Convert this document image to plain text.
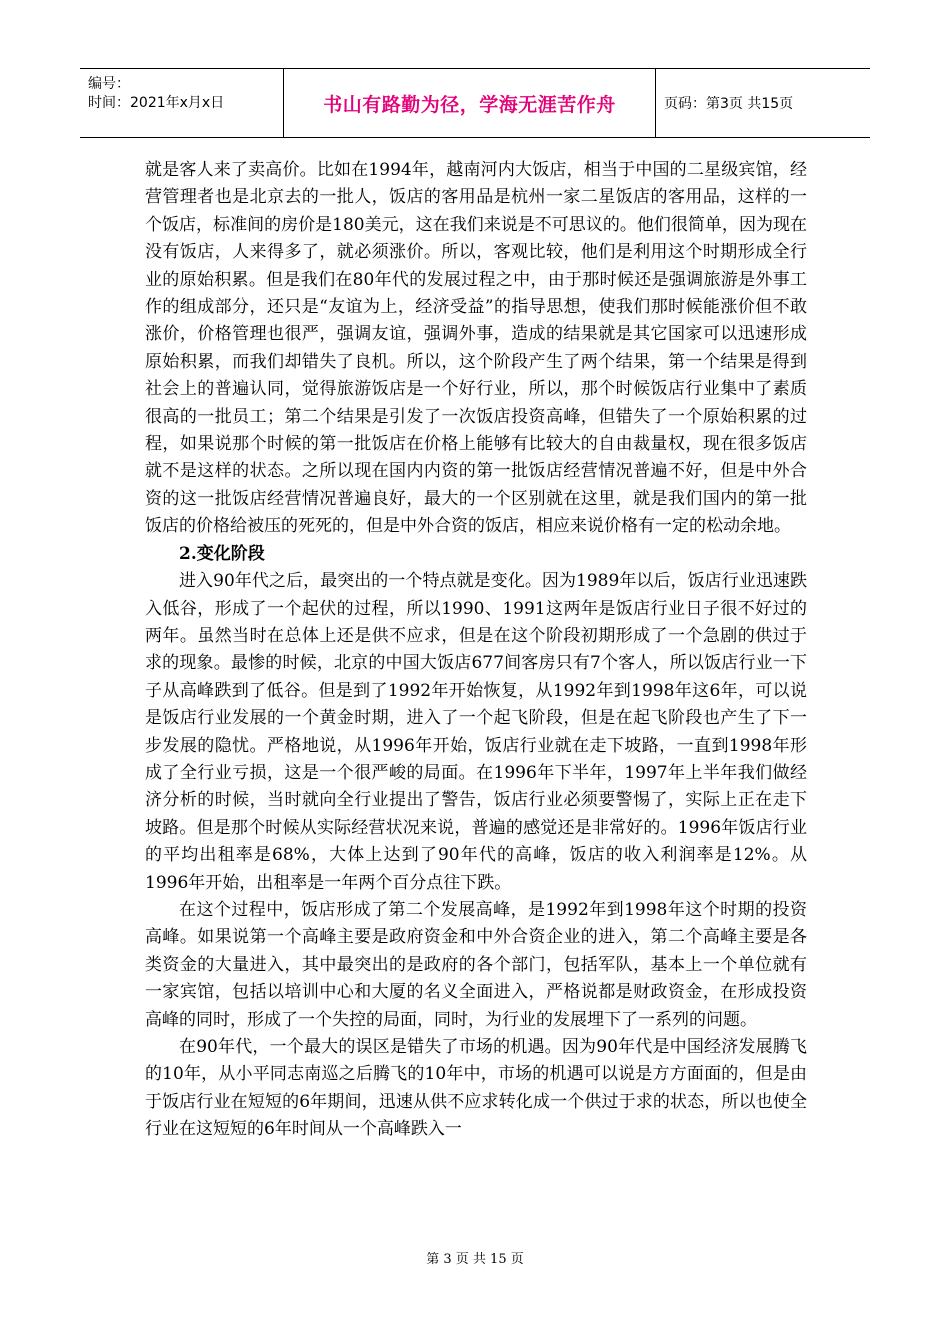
编号：
时间：2021年x月x日	书山有路勤为径，学海无涯苦作舟	页码：第3页 共15页

就是客人来了卖高价。比如在1994年，越南河内大饭店，相当于中国的二星级宾馆，经营管理者也是北京去的一批人，饭店的客用品是杭州一家二星饭店的客用品，这样的一个饭店，标准间的房价是180美元，这在我们来说是不可思议的。他们很简单，因为现在没有饭店，人来得多了，就必须涨价。所以，客观比较，他们是利用这个时期形成全行业的原始积累。但是我们在80年代的发展过程之中，由于那时候还是强调旅游是外事工作的组成部分，还只是“友谊为上，经济受益”的指导思想，使我们那时候能涨价但不敢涨价，价格管理也很严，强调友谊，强调外事，造成的结果就是其它国家可以迅速形成原始积累，而我们却错失了良机。所以，这个阶段产生了两个结果，第一个结果是得到社会上的普遍认同，觉得旅游饭店是一个好行业，所以，那个时候饭店行业集中了素质很高的一批员工；第二个结果是引发了一次饭店投资高峰，但错失了一个原始积累的过程，如果说那个时候的第一批饭店在价格上能够有比较大的自由裁量权，现在很多饭店就不是这样的状态。之所以现在国内内资的第一批饭店经营情况普遍不好，但是中外合资的这一批饭店经营情况普遍良好，最大的一个区别就在这里，就是我们国内的第一批饭店的价格给被压的死死的，但是中外合资的饭店，相应来说价格有一定的松动余地。

2.变化阶段

进入90年代之后，最突出的一个特点就是变化。因为1989年以后，饭店行业迅速跌入低谷，形成了一个起伏的过程，所以1990、1991这两年是饭店行业日子很不好过的两年。虽然当时在总体上还是供不应求，但是在这个阶段初期形成了一个急剧的供过于求的现象。最惨的时候，北京的中国大饭店677间客房只有7个客人，所以饭店行业一下子从高峰跌到了低谷。但是到了1992年开始恢复，从1992年到1998年这6年，可以说是饭店行业发展的一个黄金时期，进入了一个起飞阶段，但是在起飞阶段也产生了下一步发展的隐忧。严格地说，从1996年开始，饭店行业就在走下坡路，一直到1998年形成了全行业亏损，这是一个很严峻的局面。在1996年下半年，1997年上半年我们做经济分析的时候，当时就向全行业提出了警告，饭店行业必须要警惕了，实际上正在走下坡路。但是那个时候从实际经营状况来说，普遍的感觉还是非常好的。1996年饭店行业的平均出租率是68%，大体上达到了90年代的高峰，饭店的收入利润率是12%。从1996年开始，出租率是一年两个百分点往下跌。

在这个过程中，饭店形成了第二个发展高峰，是1992年到1998年这个时期的投资高峰。如果说第一个高峰主要是政府资金和中外合资企业的进入，第二个高峰主要是各类资金的大量进入，其中最突出的是政府的各个部门，包括军队，基本上一个单位就有一家宾馆，包括以培训中心和大厦的名义全面进入，严格说都是财政资金，在形成投资高峰的同时，形成了一个失控的局面，同时，为行业的发展埋下了一系列的问题。

在90年代，一个最大的误区是错失了市场的机遇。因为90年代是中国经济发展腾飞的10年，从小平同志南巡之后腾飞的10年中，市场的机遇可以说是方方面面的，但是由于饭店行业在短短的6年期间，迅速从供不应求转化成一个供过于求的状态，所以也使全行业在这短短的6年时间从一个高峰跌入一

第 3 页 共 15 页
